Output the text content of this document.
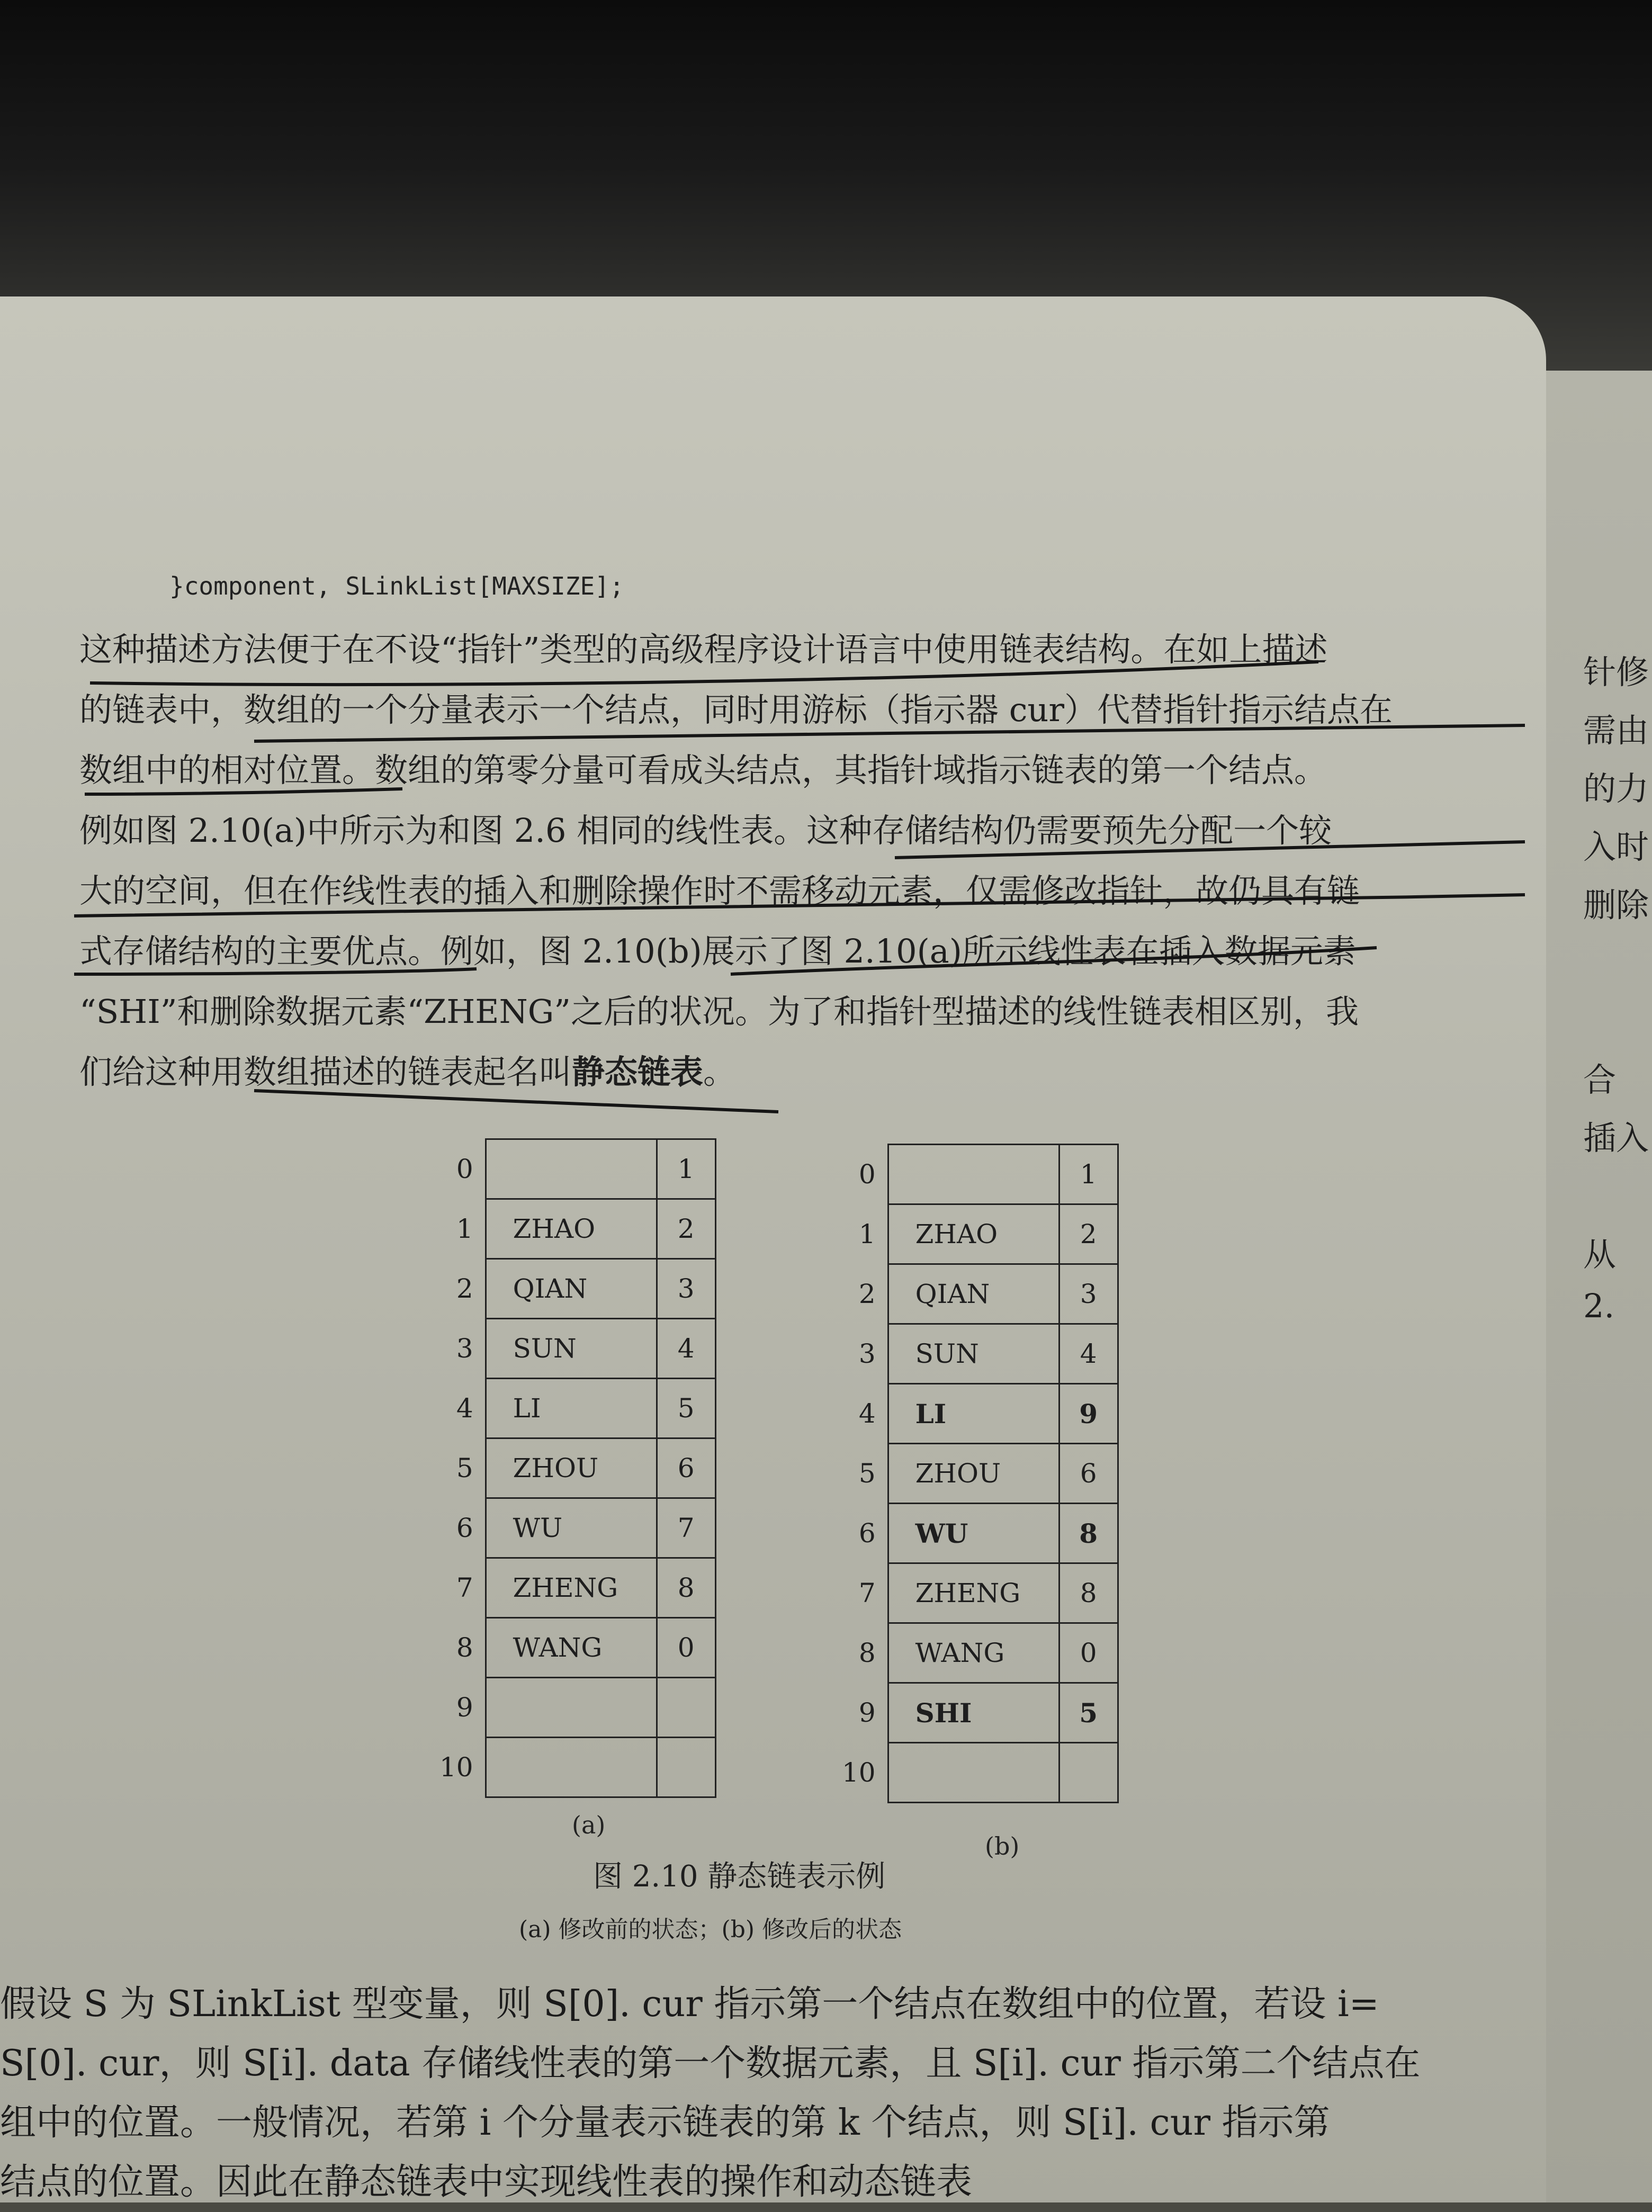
}component, SLinkList[MAXSIZE];
这种描述方法便于在不设“指针”类型的高级程序设计语言中使用链表结构。在如上描述
的链表中，数组的一个分量表示一个结点，同时用游标（指示器 cur）代替指针指示结点在
数组中的相对位置。数组的第零分量可看成头结点，其指针域指示链表的第一个结点。
例如图 2.10(a)中所示为和图 2.6 相同的线性表。这种存储结构仍需要预先分配一个较
大的空间，但在作线性表的插入和删除操作时不需移动元素，仅需修改指针，故仍具有链
式存储结构的主要优点。例如，图 2.10(b)展示了图 2.10(a)所示线性表在插入数据元素
“SHI”和删除数据元素“ZHENG”之后的状况。为了和指针型描述的线性链表相区别，我
们给这种用数组描述的链表起名叫静态链表。
针修
需由
的力
入时
删除
合
插入
从
2.
0		1
1	ZHAO	2
2	QIAN	3
3	SUN	4
4	LI	5
5	ZHOU	6
6	WU	7
7	ZHENG	8
8	WANG	0
9		
10		
(a)
0		1
1	ZHAO	2
2	QIAN	3
3	SUN	4
4	LI	9
5	ZHOU	6
6	WU	8
7	ZHENG	8
8	WANG	0
9	SHI	5
10		
(b)
图 2.10 静态链表示例
(a) 修改前的状态；(b) 修改后的状态
假设 S 为 SLinkList 型变量，则 S[0]. cur 指示第一个结点在数组中的位置，若设 i=
S[0]. cur，则 S[i]. data 存储线性表的第一个数据元素，且 S[i]. cur 指示第二个结点在
组中的位置。一般情况，若第 i 个分量表示链表的第 k 个结点，则 S[i]. cur 指示第
结点的位置。因此在静态链表中实现线性表的操作和动态链表
